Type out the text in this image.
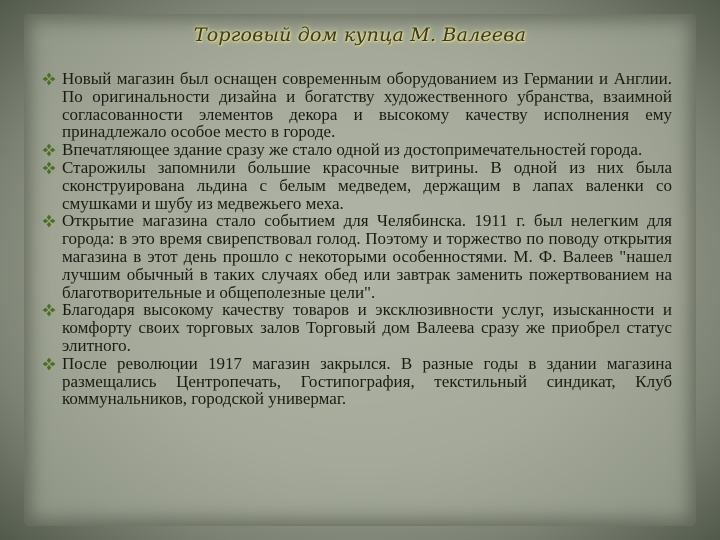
Торговый дом купца М. Валеева
Новый магазин был оснащен современным оборудованием из Германии и Англии. По оригинальности дизайна и богатству художественного убранства, взаимной согласованности элементов декора и высокому качеству исполнения ему принадлежало особое место в городе.
Впечатляющее здание сразу же стало одной из достопримечательностей города.
Старожилы запомнили большие красочные витрины. В одной из них была сконструирована льдина с белым медведем, держащим в лапах валенки со смушками и шубу из медвежьего меха.
Открытие магазина стало событием для Челябинска. 1911 г. был нелегким для города: в это время свирепствовал голод. Поэтому и торжество по поводу открытия магазина в этот день прошло с некоторыми особенностями. М. Ф. Валеев "нашел лучшим обычный в таких случаях обед или завтрак заменить пожертвованием на благотворительные и общеполезные цели".
Благодаря высокому качеству товаров и эксклюзивности услуг, изысканности и комфорту своих торговых залов Торговый дом Валеева сразу же приобрел статус элитного.
После революции 1917 магазин закрылся. В разные годы в здании магазина размещались Центропечать, Гостипография, текстильный синдикат, Клуб коммунальников, городской универмаг.
